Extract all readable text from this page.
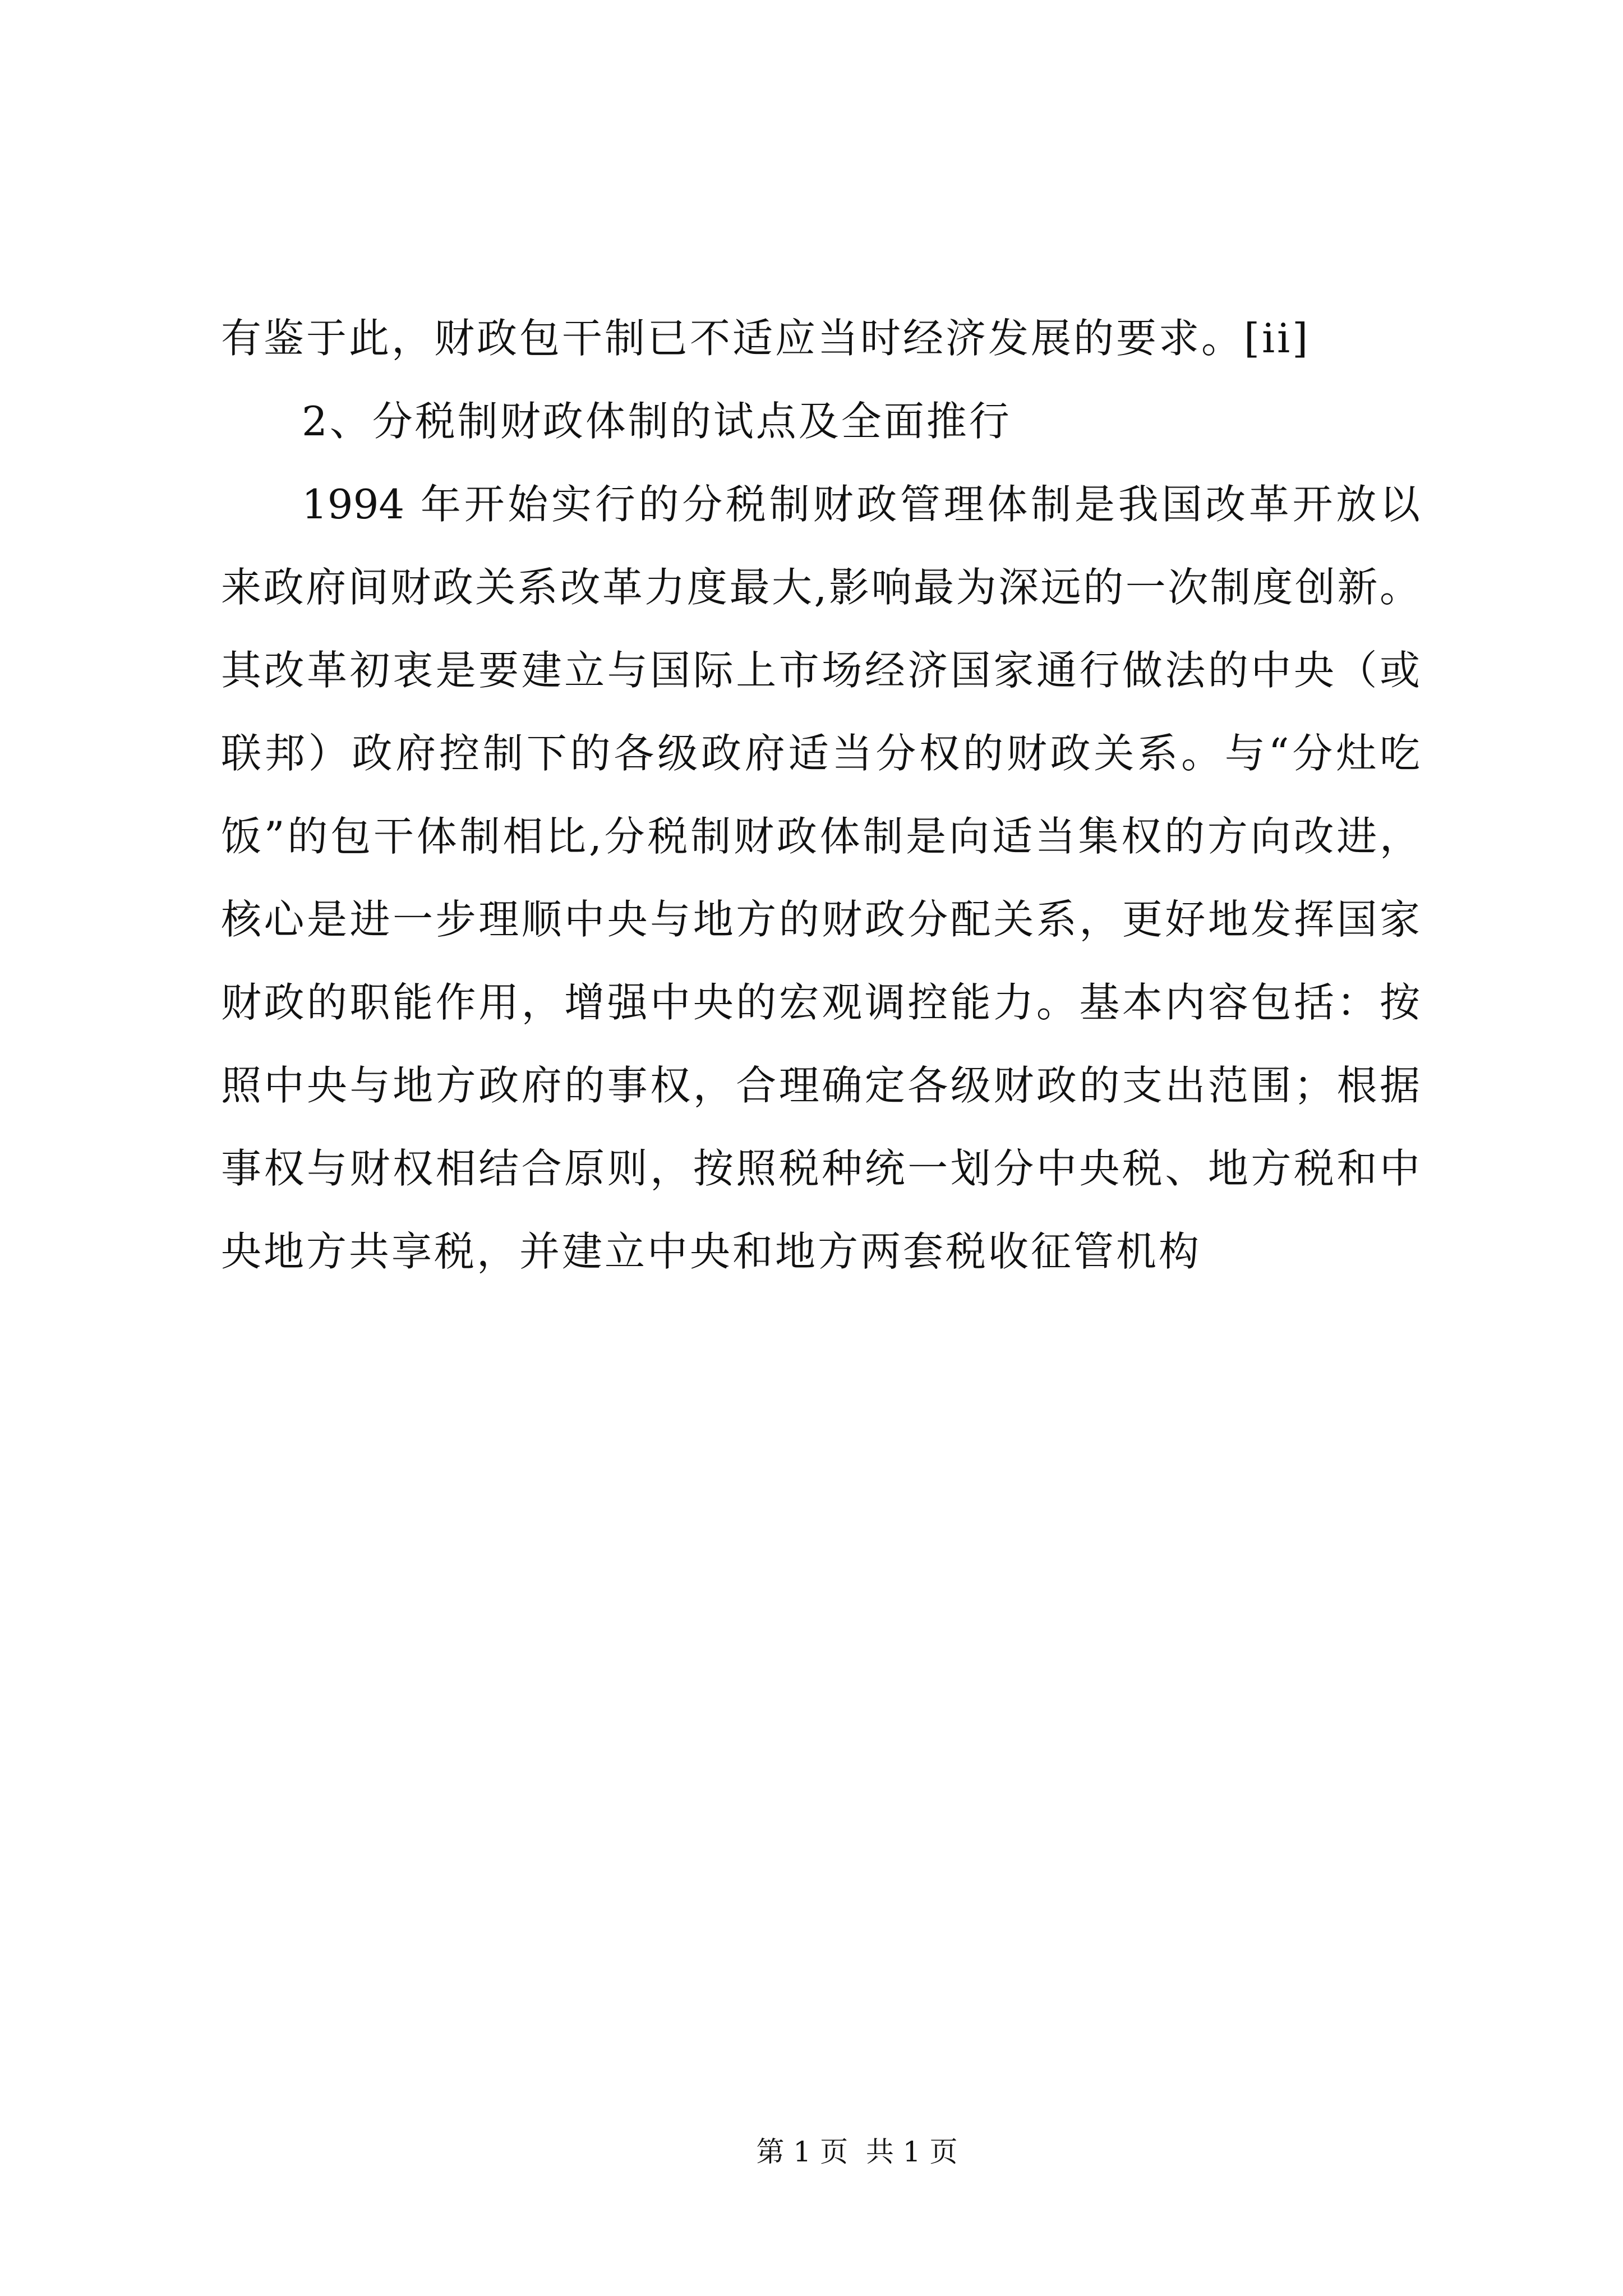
有鉴于此，财政包干制已不适应当时经济发展的要求。[ii]
2、分税制财政体制的试点及全面推行
1994 年开始实行的分税制财政管理体制是我国改革开放以
来政府间财政关系改革力度最大,影响最为深远的一次制度创新。
其改革初衷是要建立与国际上市场经济国家通行做法的中央（或
联邦）政府控制下的各级政府适当分权的财政关系。与“分灶吃
饭”的包干体制相比,分税制财政体制是向适当集权的方向改进，
核心是进一步理顺中央与地方的财政分配关系，更好地发挥国家
财政的职能作用，增强中央的宏观调控能力。基本内容包括：按
照中央与地方政府的事权，合理确定各级财政的支出范围；根据
事权与财权相结合原则，按照税种统一划分中央税、地方税和中
央地方共享税，并建立中央和地方两套税收征管机构
第 1 页  共 1 页
